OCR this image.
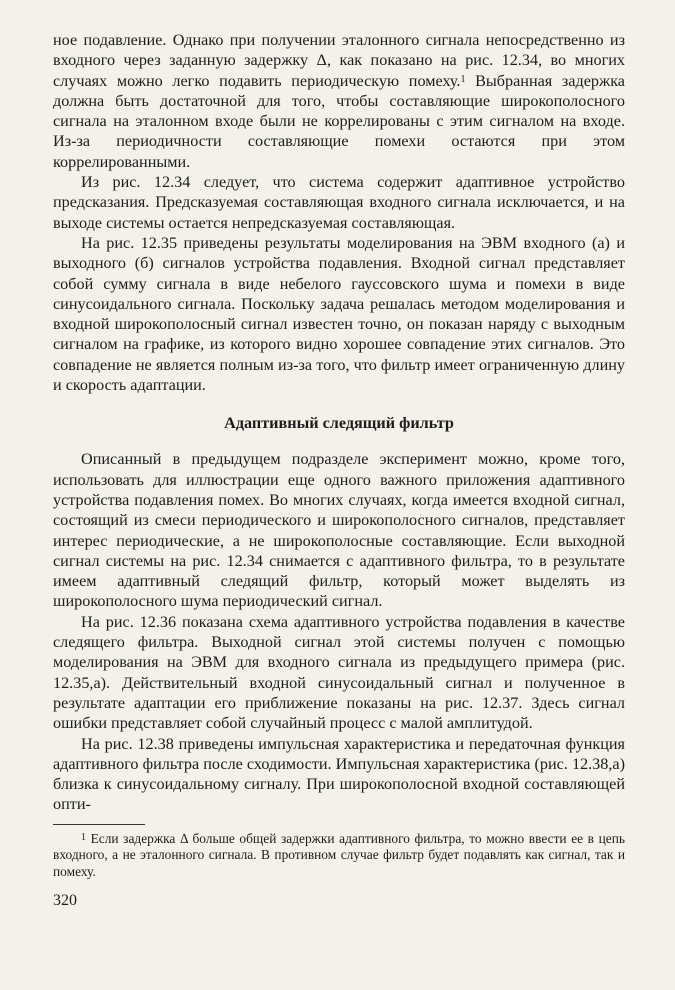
ное подавление. Однако при получении эталонного сигнала непосредственно из входного через заданную задержку Δ, как показано на рис. 12.34, во многих случаях можно легко подавить периодическую помеху.$^1$ Выбранная задержка должна быть достаточной для того, чтобы составляющие широкополосного сигнала на эталонном входе были не коррелированы с этим сигналом на входе. Из-за периодичности составляющие помехи остаются при этом коррелированными.

Из рис. 12.34 следует, что система содержит адаптивное устройство предсказания. Предсказуемая составляющая входного сигнала исключается, и на выходе системы остается непредсказуемая составляющая.

На рис. 12.35 приведены результаты моделирования на ЭВМ входного (а) и выходного (б) сигналов устройства подавления. Входной сигнал представляет собой сумму сигнала в виде небелого гауссовского шума и помехи в виде синусоидального сигнала. Поскольку задача решалась методом моделирования и входной широкополосный сигнал известен точно, он показан наряду с выходным сигналом на графике, из которого видно хорошее совпадение этих сигналов. Это совпадение не является полным из-за того, что фильтр имеет ограниченную длину и скорость адаптации.

Адаптивный следящий фильтр

Описанный в предыдущем подразделе эксперимент можно, кроме того, использовать для иллюстрации еще одного важного приложения адаптивного устройства подавления помех. Во многих случаях, когда имеется входной сигнал, состоящий из смеси периодического и широкополосного сигналов, представляет интерес периодические, а не широкополосные составляющие. Если выходной сигнал системы на рис. 12.34 снимается с адаптивного фильтра, то в результате имеем адаптивный следящий фильтр, который может выделять из широкополосного шума периодический сигнал.

На рис. 12.36 показана схема адаптивного устройства подавления в качестве следящего фильтра. Выходной сигнал этой системы получен с помощью моделирования на ЭВМ для входного сигнала из предыдущего примера (рис. 12.35,а). Действительный входной синусоидальный сигнал и полученное в результате адаптации его приближение показаны на рис. 12.37. Здесь сигнал ошибки представляет собой случайный процесс с малой амплитудой.

На рис. 12.38 приведены импульсная характеристика и передаточная функция адаптивного фильтра после сходимости. Импульсная характеристика (рис. 12.38,а) близка к синусоидальному сигналу. При широкополосной входной составляющей опти-

$^1$ Если задержка Δ больше общей задержки адаптивного фильтра, то можно ввести ее в цепь входного, а не эталонного сигнала. В противном случае фильтр будет подавлять как сигнал, так и помеху.

320
